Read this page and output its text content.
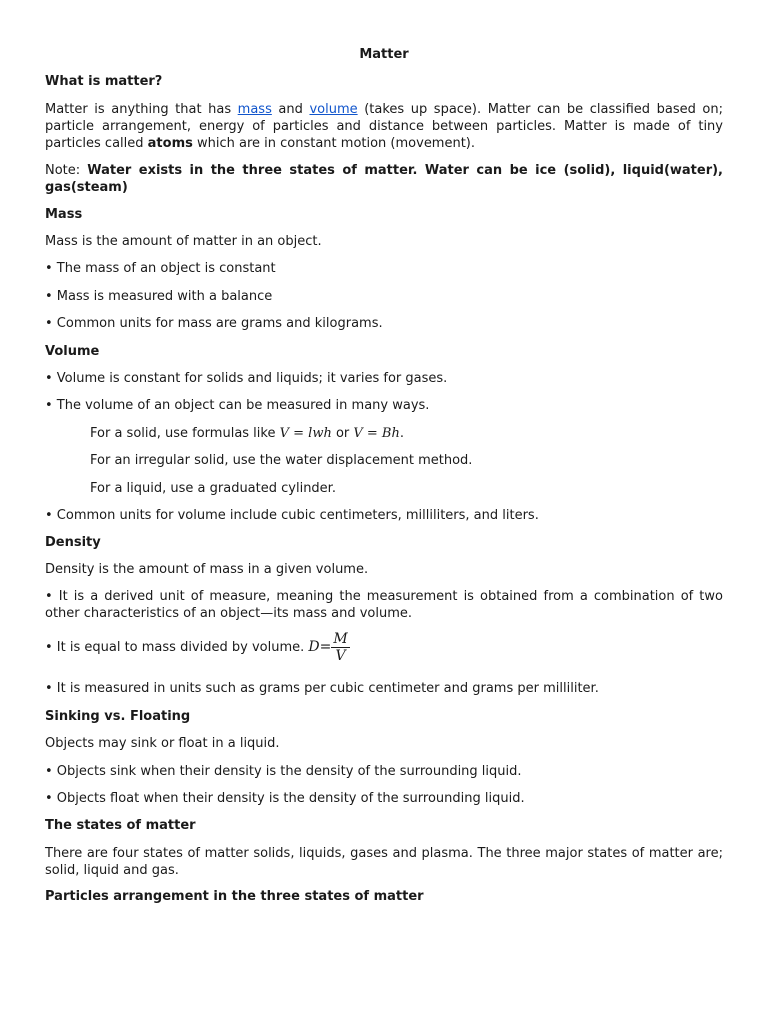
Matter
What is matter?
Matter is anything that has mass and volume (takes up space). Matter can be classified based on; particle arrangement, energy of particles and distance between particles. Matter is made of tiny particles called atoms which are in constant motion (movement).
Note: Water exists in the three states of matter. Water can be ice (solid), liquid(water), gas(steam)
Mass
Mass is the amount of matter in an object.
• The mass of an object is constant
• Mass is measured with a balance
• Common units for mass are grams and kilograms.
Volume
• Volume is constant for solids and liquids; it varies for gases.
• The volume of an object can be measured in many ways.
For a solid, use formulas like V = lwh or V = Bh.
For an irregular solid, use the water displacement method.
For a liquid, use a graduated cylinder.
• Common units for volume include cubic centimeters, milliliters, and liters.
Density
Density is the amount of mass in a given volume.
• It is a derived unit of measure, meaning the measurement is obtained from a combination of two other characteristics of an object—its mass and volume.
• It is equal to mass divided by volume. $D= \frac{M}{V}$
• It is measured in units such as grams per cubic centimeter and grams per milliliter.
Sinking vs. Floating
Objects may sink or float in a liquid.
• Objects sink when their density is the density of the surrounding liquid.
• Objects float when their density is the density of the surrounding liquid.
The states of matter
There are four states of matter solids, liquids, gases and plasma. The three major states of matter are; solid, liquid and gas.
Particles arrangement in the three states of matter
